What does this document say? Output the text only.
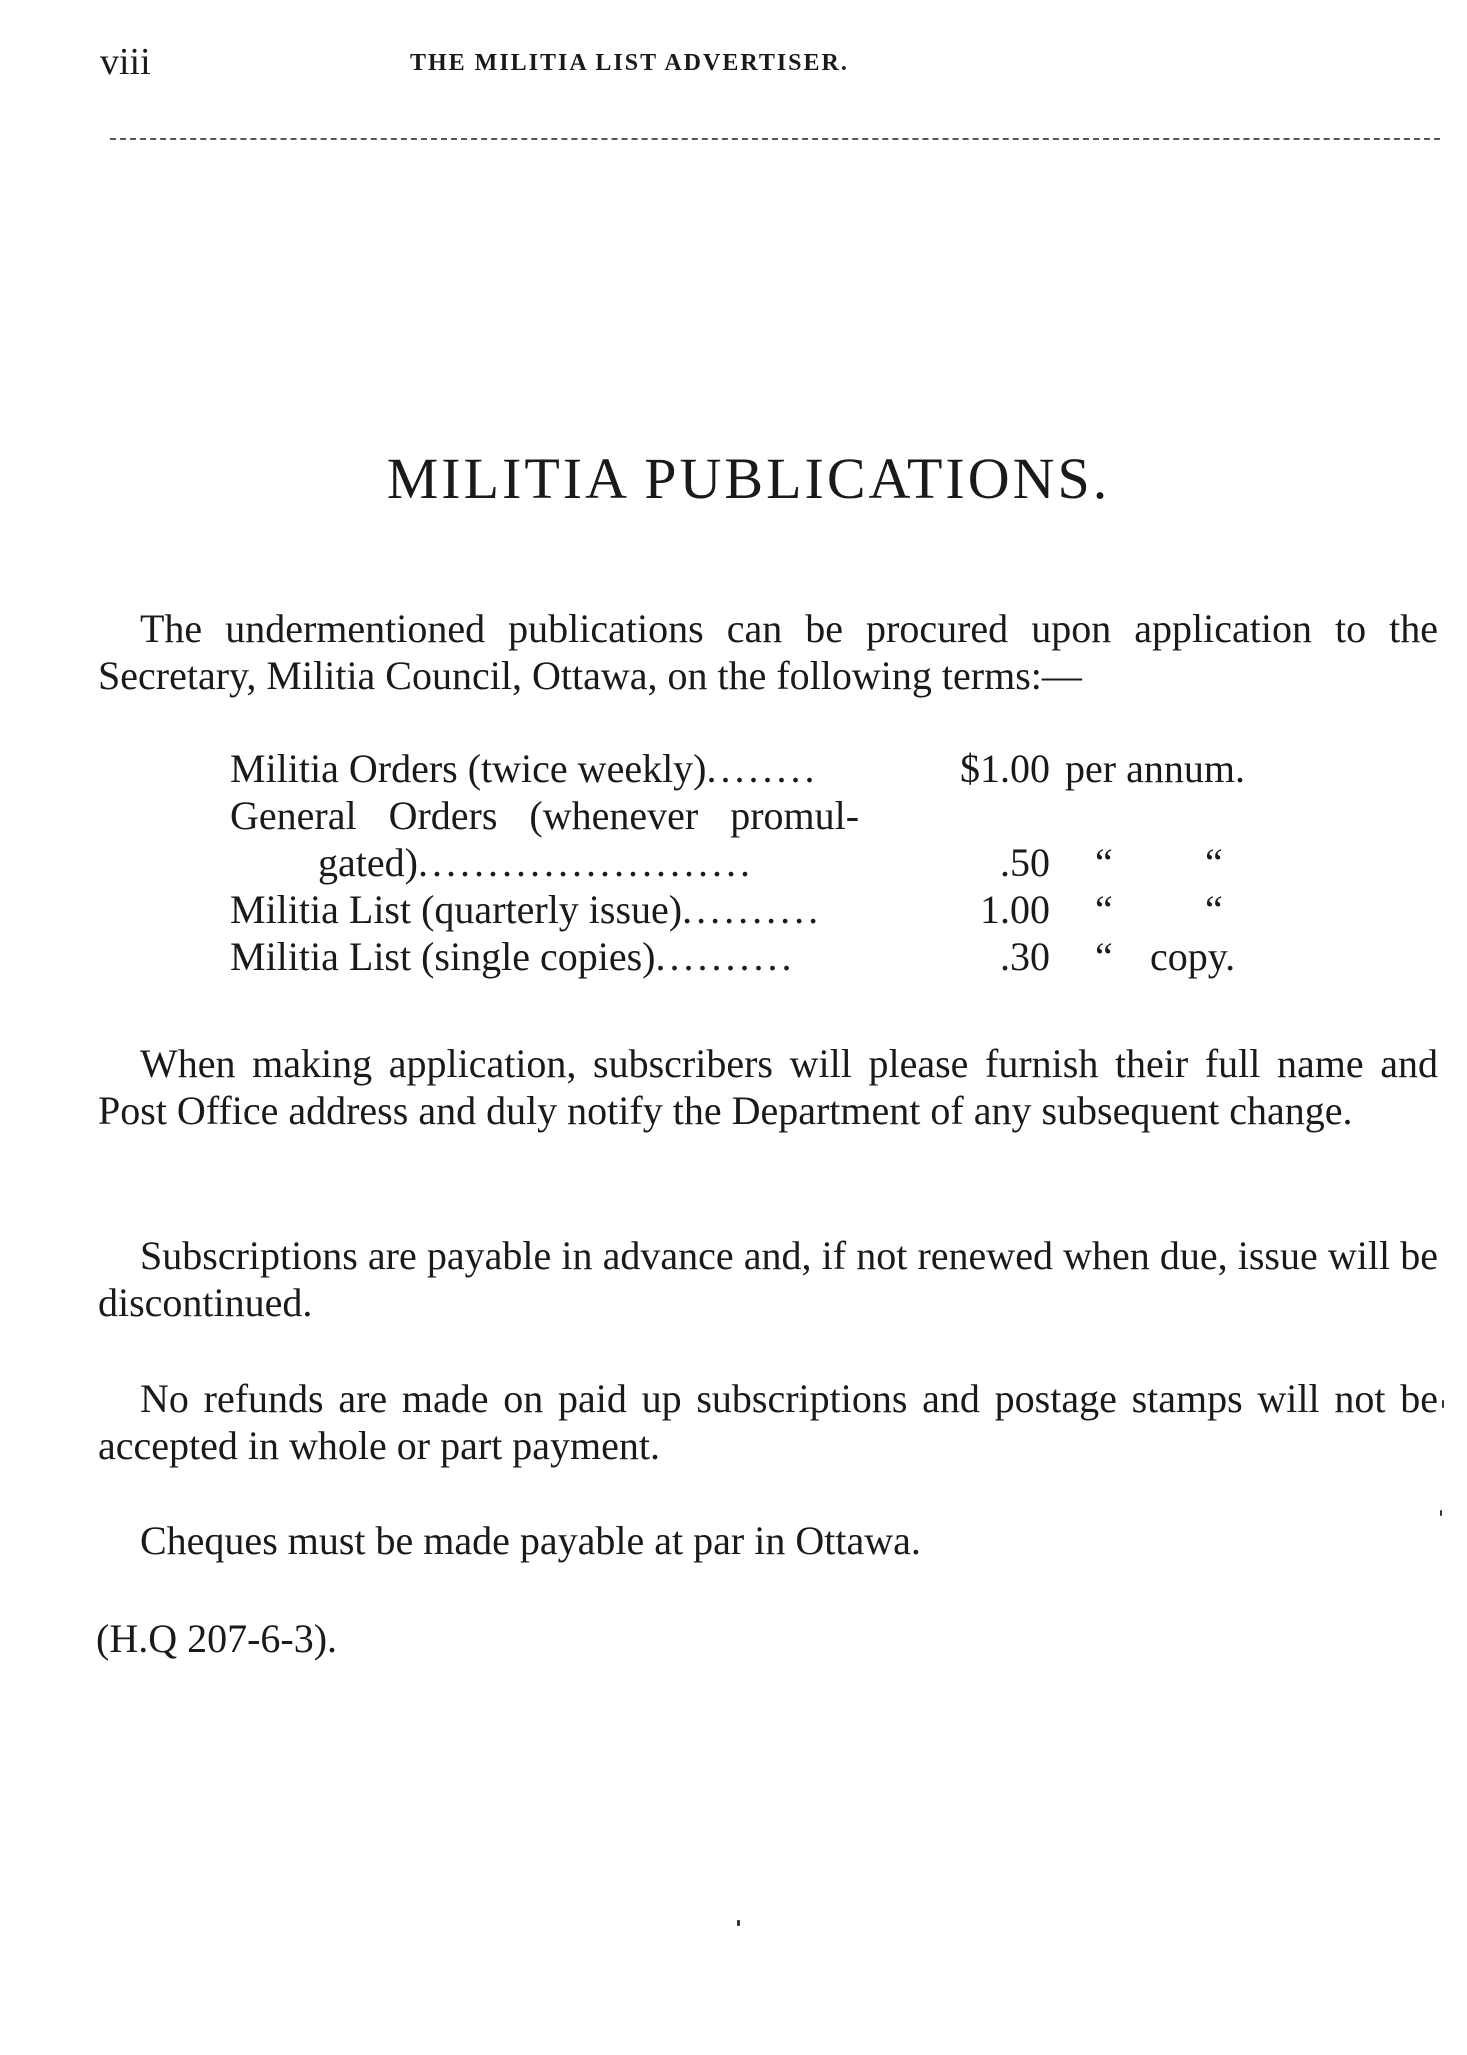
viii	THE MILITIA LIST ADVERTISER.
MILITIA PUBLICATIONS.

The undermentioned publications can be procured upon application to the Secretary, Militia Council, Ottawa, on the following terms:—

Militia Orders (twice weekly)........	$1.00 per annum.
General Orders (whenever promul-
gated)........................	.50 “ “
Militia List (quarterly issue)..........	1.00 “ “
Militia List (single copies)..........	.30 “ copy.

When making application, subscribers will please furnish their full name and Post Office address and duly notify the Department of any subsequent change.

Subscriptions are payable in advance and, if not renewed when due, issue will be discontinued.

No refunds are made on paid up subscriptions and postage stamps will not be accepted in whole or part payment.

Cheques must be made payable at par in Ottawa.

(H.Q 207-6-3).
